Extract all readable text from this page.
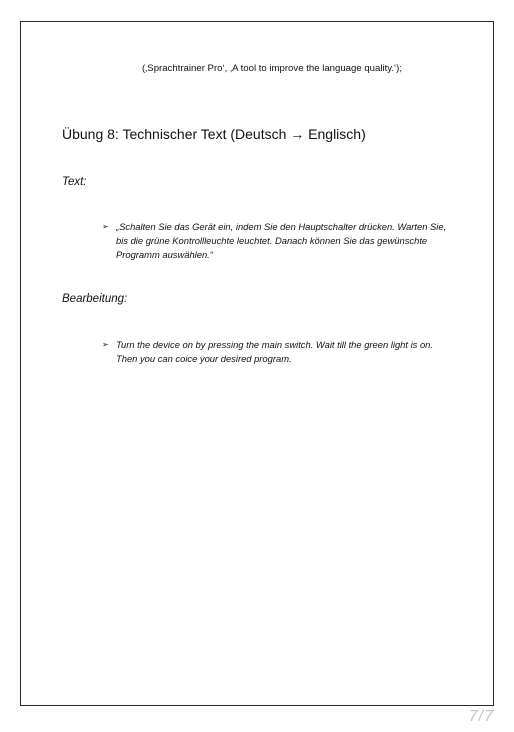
(‚Sprachtrainer Pro‘, ‚A tool to improve the language quality.‘);
Übung 8: Technischer Text (Deutsch → Englisch)
Text:
➢ „Schalten Sie das Gerät ein, indem Sie den Hauptschalter drücken. Warten Sie,
bis die grüne Kontrollleuchte leuchtet. Danach können Sie das gewünschte
Programm auswählen.“
Bearbeitung:
➢ Turn the device on by pressing the main switch. Wait till the green light is on.
Then you can coice your desired program.
7/7
